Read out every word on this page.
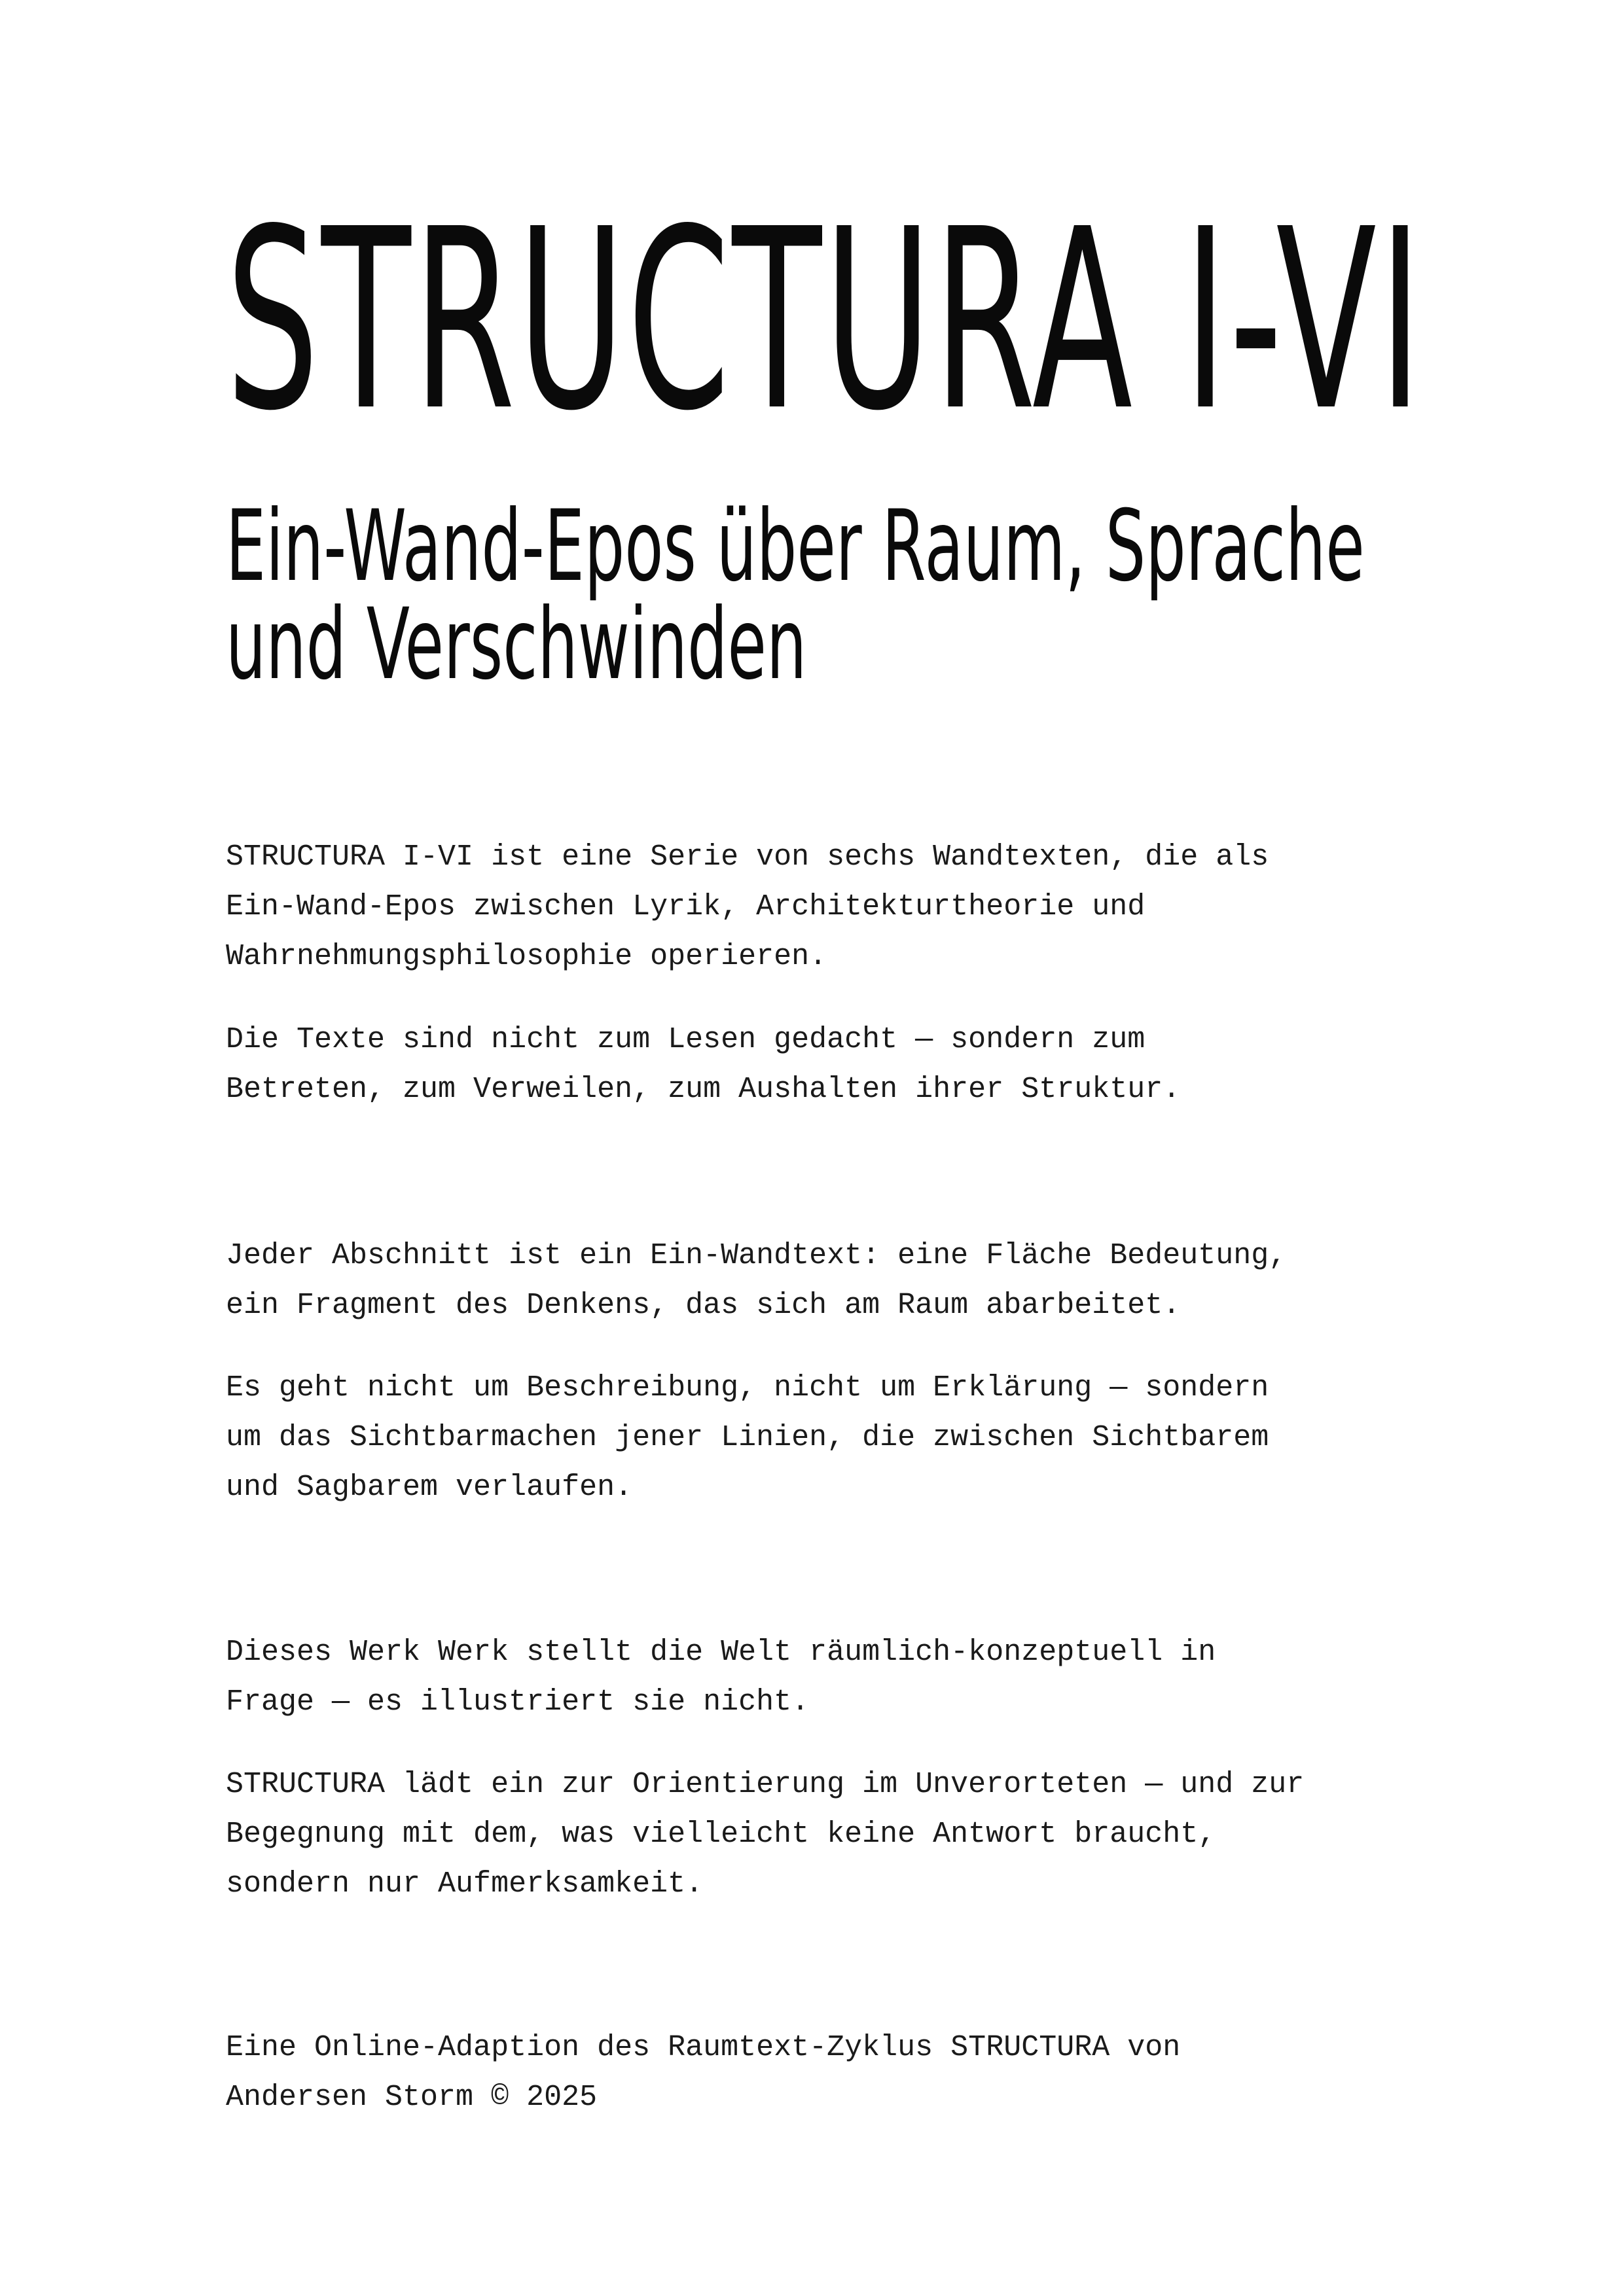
STRUCTURA I-VI
Ein-Wand-Epos über Raum, Sprache
und Verschwinden

STRUCTURA I-VI ist eine Serie von sechs Wandtexten, die als
Ein-Wand-Epos zwischen Lyrik, Architekturtheorie und
Wahrnehmungsphilosophie operieren.

Die Texte sind nicht zum Lesen gedacht — sondern zum
Betreten, zum Verweilen, zum Aushalten ihrer Struktur.

Jeder Abschnitt ist ein Ein-Wandtext: eine Fläche Bedeutung,
ein Fragment des Denkens, das sich am Raum abarbeitet.

Es geht nicht um Beschreibung, nicht um Erklärung — sondern
um das Sichtbarmachen jener Linien, die zwischen Sichtbarem
und Sagbarem verlaufen.

Dieses Werk Werk stellt die Welt räumlich-konzeptuell in
Frage — es illustriert sie nicht.

STRUCTURA lädt ein zur Orientierung im Unverorteten — und zur
Begegnung mit dem, was vielleicht keine Antwort braucht,
sondern nur Aufmerksamkeit.

Eine Online-Adaption des Raumtext-Zyklus STRUCTURA von
Andersen Storm © 2025
